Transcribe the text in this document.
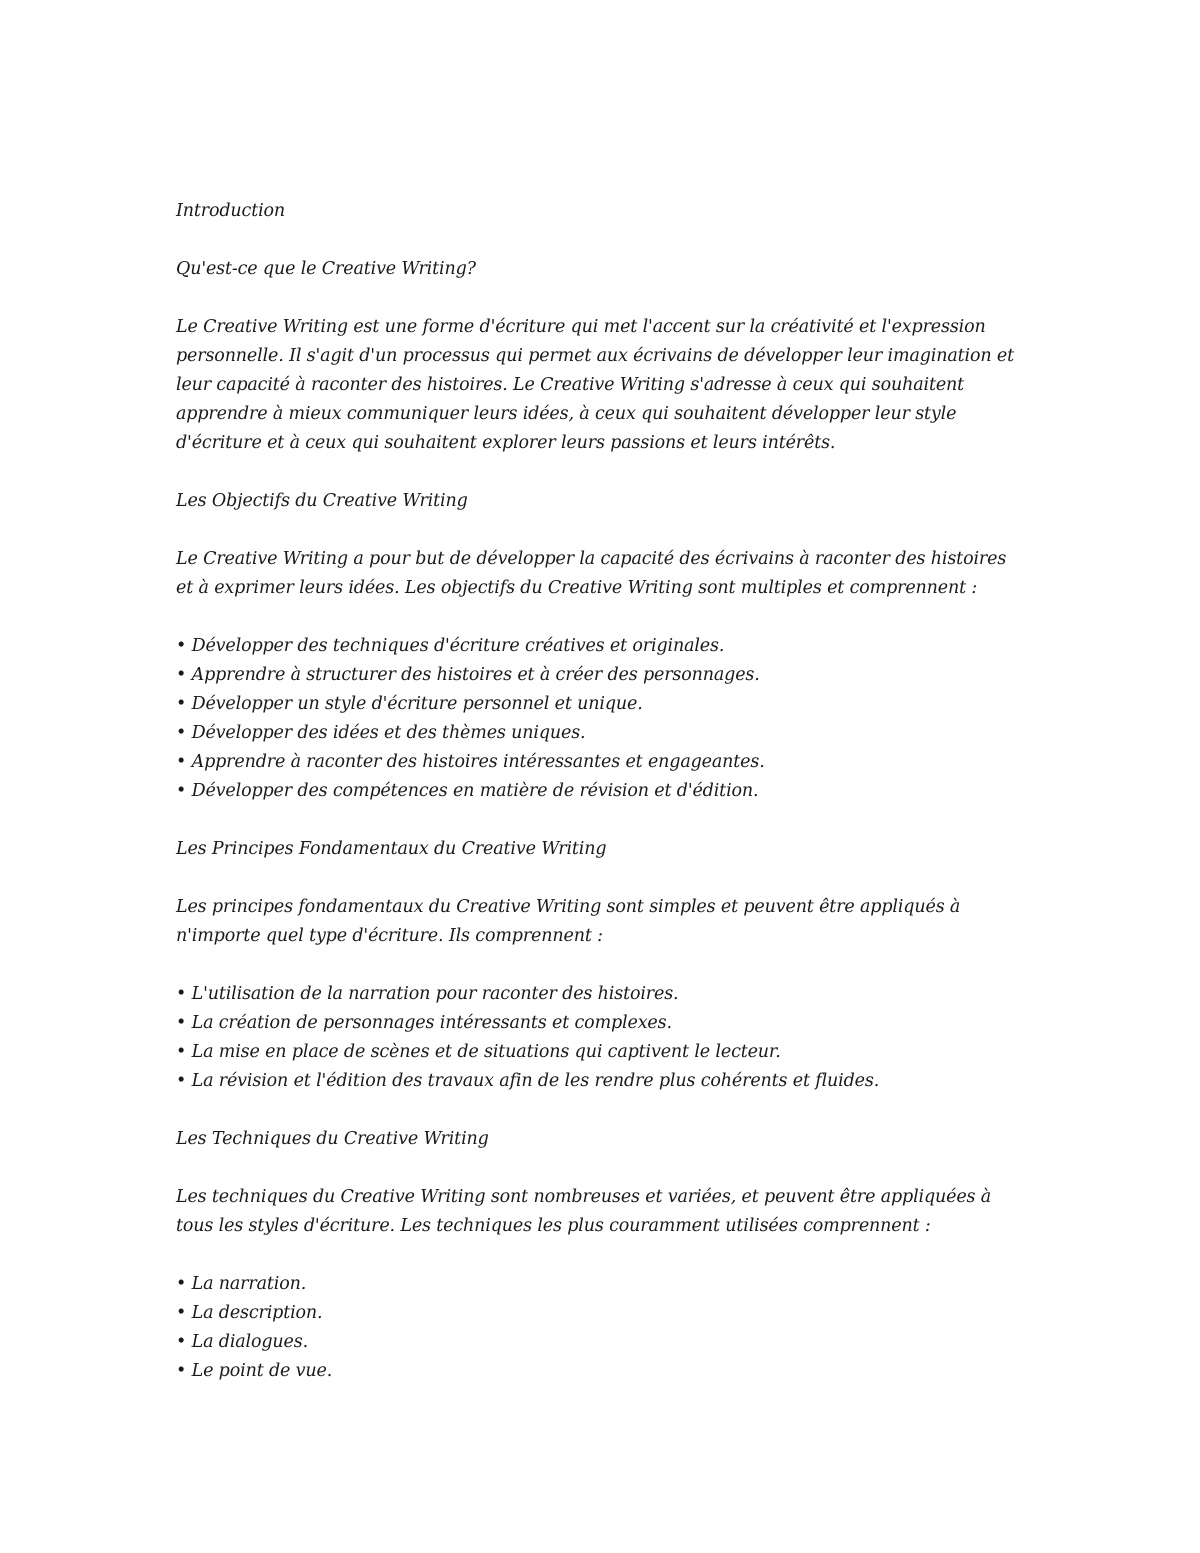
Introduction

Qu'est-ce que le Creative Writing?

Le Creative Writing est une forme d'écriture qui met l'accent sur la créativité et l'expression
personnelle. Il s'agit d'un processus qui permet aux écrivains de développer leur imagination et
leur capacité à raconter des histoires. Le Creative Writing s'adresse à ceux qui souhaitent
apprendre à mieux communiquer leurs idées, à ceux qui souhaitent développer leur style
d'écriture et à ceux qui souhaitent explorer leurs passions et leurs intérêts.

Les Objectifs du Creative Writing

Le Creative Writing a pour but de développer la capacité des écrivains à raconter des histoires
et à exprimer leurs idées. Les objectifs du Creative Writing sont multiples et comprennent :

• Développer des techniques d'écriture créatives et originales.
• Apprendre à structurer des histoires et à créer des personnages.
• Développer un style d'écriture personnel et unique.
• Développer des idées et des thèmes uniques.
• Apprendre à raconter des histoires intéressantes et engageantes.
• Développer des compétences en matière de révision et d'édition.

Les Principes Fondamentaux du Creative Writing

Les principes fondamentaux du Creative Writing sont simples et peuvent être appliqués à
n'importe quel type d'écriture. Ils comprennent :

• L'utilisation de la narration pour raconter des histoires.
• La création de personnages intéressants et complexes.
• La mise en place de scènes et de situations qui captivent le lecteur.
• La révision et l'édition des travaux afin de les rendre plus cohérents et fluides.

Les Techniques du Creative Writing

Les techniques du Creative Writing sont nombreuses et variées, et peuvent être appliquées à
tous les styles d'écriture. Les techniques les plus couramment utilisées comprennent :

• La narration.
• La description.
• La dialogues.
• Le point de vue.
